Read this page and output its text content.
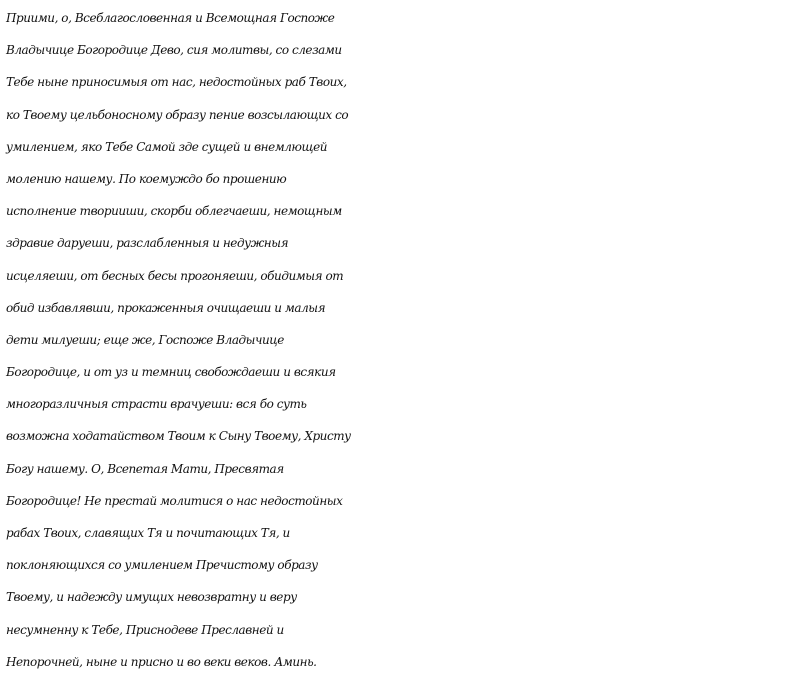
Приими, о, Всеблагословенная и Всемощная Госпоже
Владычице Богородице Дево, сия молитвы, со слезами
Тебе ныне приносимыя от нас, недостойных раб Твоих,
ко Твоему цельбоносному образу пение возсылающих со
умилением, яко Тебе Самой зде сущей и внемлющей
молению нашему. По коемуждо бо прошению
исполнение творииши, скорби облегчаеши, немощным
здравие даруеши, разслабленныя и недужныя
исцеляеши, от бесных бесы прогоняеши, обидимыя от
обид избавлявши, прокаженныя очищаеши и малыя
дети милуеши; еще же, Госпоже Владычице
Богородице, и от уз и темниц свобождаеши и всякия
многоразличныя страсти врачуеши: вся бо суть
возможна ходатайством Твоим к Сыну Твоему, Христу
Богу нашему. О, Всепетая Мати, Пресвятая
Богородице! Не престай молитися о нас недостойных
рабах Твоих, славящих Тя и почитающих Тя, и
поклоняющихся со умилением Пречистому образу
Твоему, и надежду имущих невозвратну и веру
несумненну к Тебе, Приснодеве Преславней и
Непорочней, ныне и присно и во веки веков. Аминь.
